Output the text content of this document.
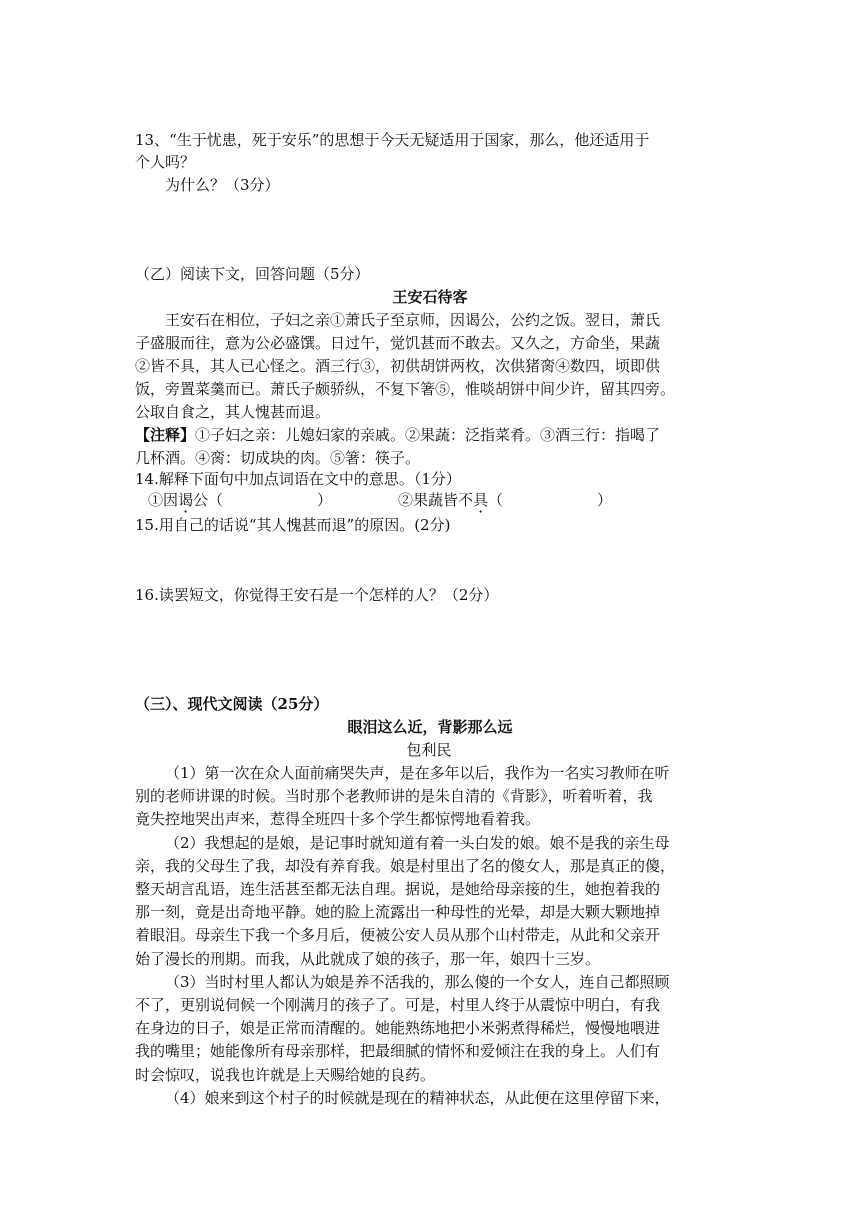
13、“生于忧患，死于安乐”的思想于今天无疑适用于国家，那么，他还适用于
个人吗？
为什么？（3分）
（乙）阅读下文，回答问题（5分）
王安石待客
王安石在相位，子妇之亲①萧氏子至京师，因谒公，公约之饭。翌日，萧氏
子盛服而往，意为公必盛馔。日过午，觉饥甚而不敢去。又久之，方命坐，果蔬
②皆不具，其人已心怪之。酒三行③，初供胡饼两枚，次供猪脔④数四，顷即供
饭，旁置菜羹而已。萧氏子颇骄纵，不复下箸⑤，惟啖胡饼中间少许，留其四旁。
公取自食之，其人愧甚而退。
【注释】①子妇之亲：儿媳妇家的亲戚。②果蔬：泛指菜肴。③酒三行：指喝了
几杯酒。④脔：切成块的肉。⑤箸：筷子。
14.解释下面句中加点词语在文中的意思。（1分）
①因谒公（	）	②果蔬皆不具（	）
15.用自己的话说“其人愧甚而退”的原因。(2分)
16.读罢短文，你觉得王安石是一个怎样的人？（2分）
（三）、现代文阅读（25分）
眼泪这么近，背影那么远
包利民
（1）第一次在众人面前痛哭失声，是在多年以后，我作为一名实习教师在听
别的老师讲课的时候。当时那个老教师讲的是朱自清的《背影》，听着听着，我
竟失控地哭出声来，惹得全班四十多个学生都惊愕地看着我。
（2）我想起的是娘，是记事时就知道有着一头白发的娘。娘不是我的亲生母
亲，我的父母生了我，却没有养育我。娘是村里出了名的傻女人，那是真正的傻，
整天胡言乱语，连生活甚至都无法自理。据说，是她给母亲接的生，她抱着我的
那一刻，竟是出奇地平静。她的脸上流露出一种母性的光晕，却是大颗大颗地掉
着眼泪。母亲生下我一个多月后，便被公安人员从那个山村带走，从此和父亲开
始了漫长的刑期。而我，从此就成了娘的孩子，那一年，娘四十三岁。
（3）当时村里人都认为娘是养不活我的，那么傻的一个女人，连自己都照顾
不了，更别说伺候一个刚满月的孩子了。可是，村里人终于从震惊中明白，有我
在身边的日子，娘是正常而清醒的。她能熟练地把小米粥煮得稀烂，慢慢地喂进
我的嘴里；她能像所有母亲那样，把最细腻的情怀和爱倾注在我的身上。人们有
时会惊叹，说我也许就是上天赐给她的良药。
（4）娘来到这个村子的时候就是现在的精神状态，从此便在这里停留下来，
